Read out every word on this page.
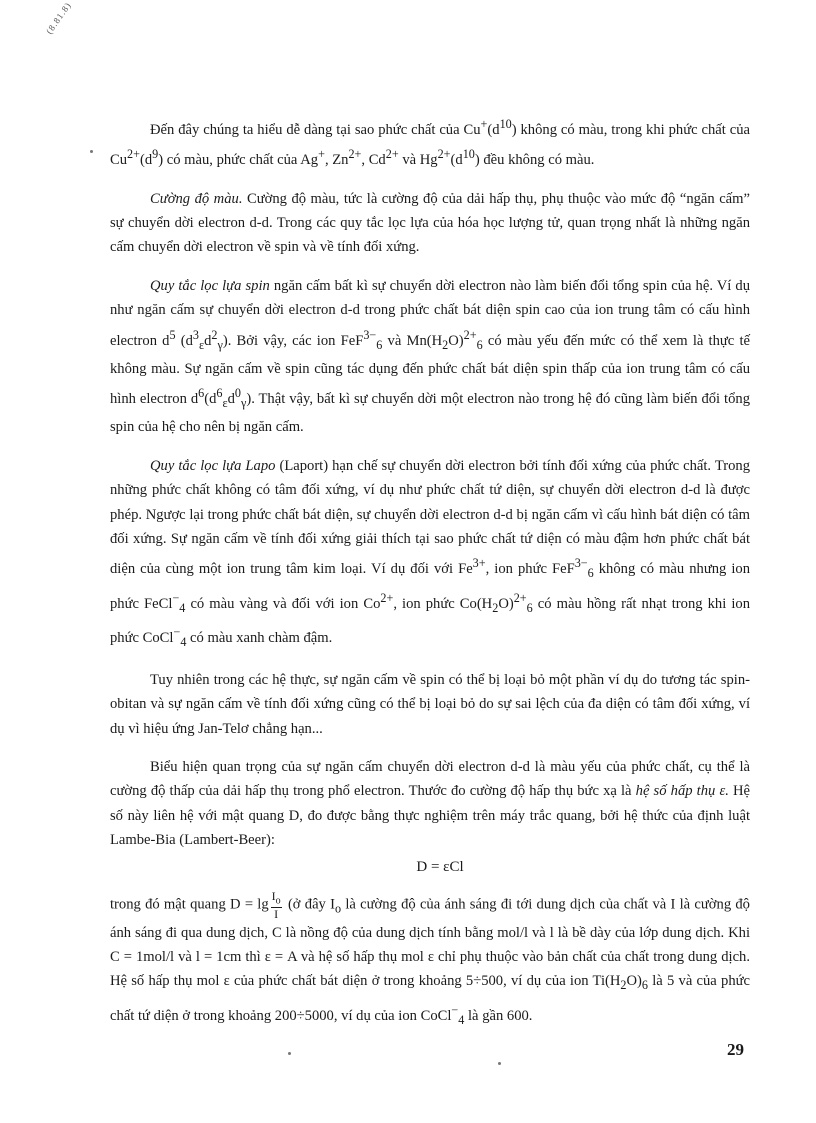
(8.81.8)

Đến đây chúng ta hiểu dễ dàng tại sao phức chất của $Cu^+(d^{10})$ không có màu, trong khi phức chất của $Cu^{2+}(d^9)$ có màu, phức chất của Ag+, $Zn^{2+}$, $Cd^{2+}$ và $Hg^{2+}(d^{10})$ đều không có màu.

Cường độ màu. Cường độ màu, tức là cường độ của dải hấp thụ, phụ thuộc vào mức độ “ngăn cấm” sự chuyển dời electron d-d. Trong các quy tắc lọc lựa của hóa học lượng tử, quan trọng nhất là những ngăn cấm chuyển dời electron về spin và về tính đối xứng.

Quy tắc lọc lựa spin ngăn cấm bất kì sự chuyển dời electron nào làm biến đổi tổng spin của hệ. Ví dụ như ngăn cấm sự chuyển dời electron d-d trong phức chất bát diện spin cao của ion trung tâm có cấu hình electron $d^5$ $(d^3_\varepsilon d^2_\gamma)$. Bởi vậy, các ion FeF$^{3-}_6$ và $Mn(H_2O)^{2+}_6$ có màu yếu đến mức có thể xem là thực tế không màu. Sự ngăn cấm về spin cũng tác dụng đến phức chất bát diện spin thấp của ion trung tâm có cấu hình electron $d^6(d^6_\varepsilon d^0_\gamma)$. Thật vậy, bất kì sự chuyển dời một electron nào trong hệ đó cũng làm biến đổi tổng spin của hệ cho nên bị ngăn cấm.

Quy tắc lọc lựa Lapo (Laport) hạn chế sự chuyển dời electron bởi tính đối xứng của phức chất. Trong những phức chất không có tâm đối xứng, ví dụ như phức chất tứ diện, sự chuyển dời electron d-d là được phép. Ngược lại trong phức chất bát diện, sự chuyển dời electron d-d bị ngăn cấm vì cấu hình bát diện có tâm đối xứng. Sự ngăn cấm về tính đối xứng giải thích tại sao phức chất tứ diện có màu đậm hơn phức chất bát diện của cùng một ion trung tâm kim loại. Ví dụ đối với $Fe^{3+}$, ion phức FeF$^{3-}_6$ không có màu nhưng ion phức FeCl−$_4$ có màu vàng và đối với ion $Co^{2+}$, ion phức $Co(H_2O)^{2+}_6$ có màu hồng rất nhạt trong khi ion phức CoCl−$_4$ có màu xanh chàm đậm.

Tuy nhiên trong các hệ thực, sự ngăn cấm về spin có thể bị loại bỏ một phần ví dụ do tương tác spin-obitan và sự ngăn cấm về tính đối xứng cũng có thể bị loại bỏ do sự sai lệch của đa diện có tâm đối xứng, ví dụ vì hiệu ứng Jan-Telơ chẳng hạn...

Biểu hiện quan trọng của sự ngăn cấm chuyển dời electron d-d là màu yếu của phức chất, cụ thể là cường độ thấp của dải hấp thụ trong phổ electron. Thước đo cường độ hấp thụ bức xạ là hệ số hấp thụ ε. Hệ số này liên hệ với mật quang D, đo được bằng thực nghiệm trên máy trắc quang, bởi hệ thức của định luật Lambe-Bia (Lambert-Beer):

D = εCl

trong đó mật quang $D = \lg \frac{I_o}{I}$ (ở đây $I_o$ là cường độ của ánh sáng đi tới dung dịch của chất và I là cường độ ánh sáng đi qua dung dịch, C là nồng độ của dung dịch tính bằng mol/l và l là bề dày của lớp dung dịch. Khi C = 1mol/l và l = 1cm thì ε = A và hệ số hấp thụ mol ε chỉ phụ thuộc vào bản chất của chất trong dung dịch. Hệ số hấp thụ mol ε của phức chất bát diện ở trong khoảng 5÷500, ví dụ của ion $Ti(H_2O)_6$ là 5 và của phức chất tứ diện ở trong khoảng 200÷5000, ví dụ của ion CoCl−$_4$ là gần 600.

29
